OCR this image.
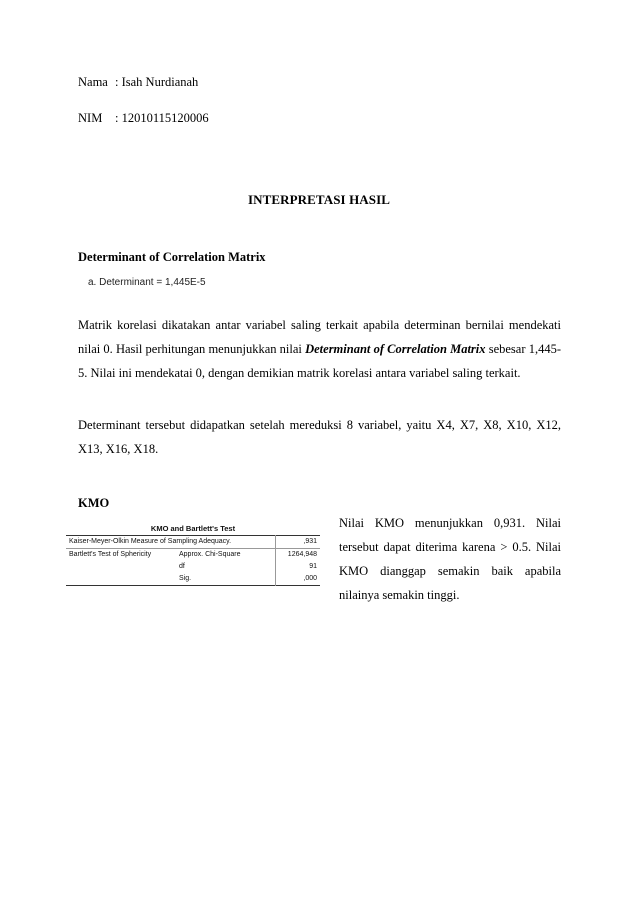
Nama : Isah Nurdianah
NIM : 12010115120006
INTERPRETASI HASIL
Determinant of Correlation Matrix
a. Determinant = 1,445E-5

Matrik korelasi dikatakan antar variabel saling terkait apabila determinan bernilai mendekati nilai 0. Hasil perhitungan menunjukkan nilai Determinant of Correlation Matrix sebesar 1,445-5. Nilai ini mendekatai 0, dengan demikian matrik korelasi antara variabel saling terkait.

Determinant tersebut didapatkan setelah mereduksi 8 variabel, yaitu X4, X7, X8, X10, X12, X13, X16, X18.

KMO
KMO and Bartlett's Test
Kaiser-Meyer-Olkin Measure of Sampling Adequacy.		,931
Bartlett's Test of Sphericity	Approx. Chi-Square	1264,948
	df	91
	Sig.	,000

Nilai KMO menunjukkan 0,931. Nilai tersebut dapat diterima karena > 0.5. Nilai KMO dianggap semakin baik apabila nilainya semakin tinggi.
